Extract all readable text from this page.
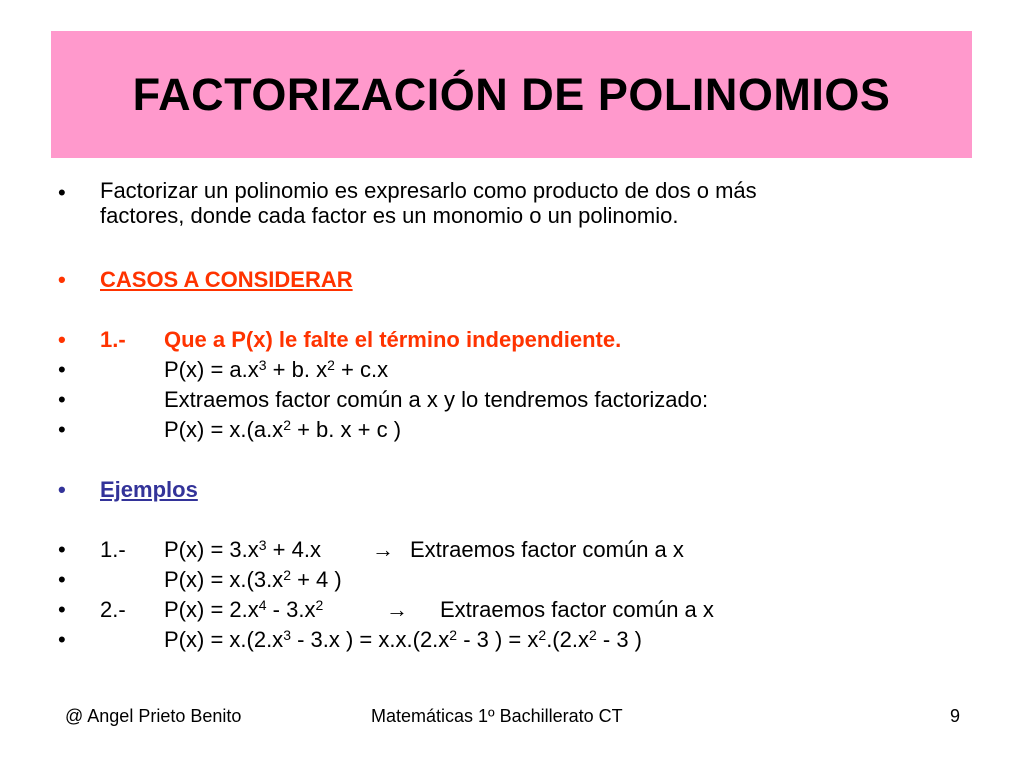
FACTORIZACIÓN DE POLINOMIOS
•	Factorizar un polinomio es expresarlo como producto de dos o más
factores, donde cada factor es un monomio o un polinomio.
•	CASOS A CONSIDERAR
•	1.-	Que a P(x) le falte el término independiente.
•	$P(x) = a.x^3 + b$. $x^2 + c.x$
•	Extraemos factor común a x y lo tendremos factorizado:
•	$P(x) = x.(a.x^2 + b$. x + c )
•	Ejemplos
•	1.-	$P(x) = 3.x^3 + 4.x$	→ Extraemos factor común a x
•	$P(x) = x.(3.x^2 + 4$ )
•	2.-	$P(x) = 2.x^4 - 3.x^2$	→	Extraemos factor común a x
•	$P(x) = x.(2.x^3 - 3.x$ ) = $x.x.(2.x^2 - 3$ ) = $x^2.(2.x^2 - 3$ )
@ Angel Prieto Benito	Matemáticas 1º Bachillerato CT	9
